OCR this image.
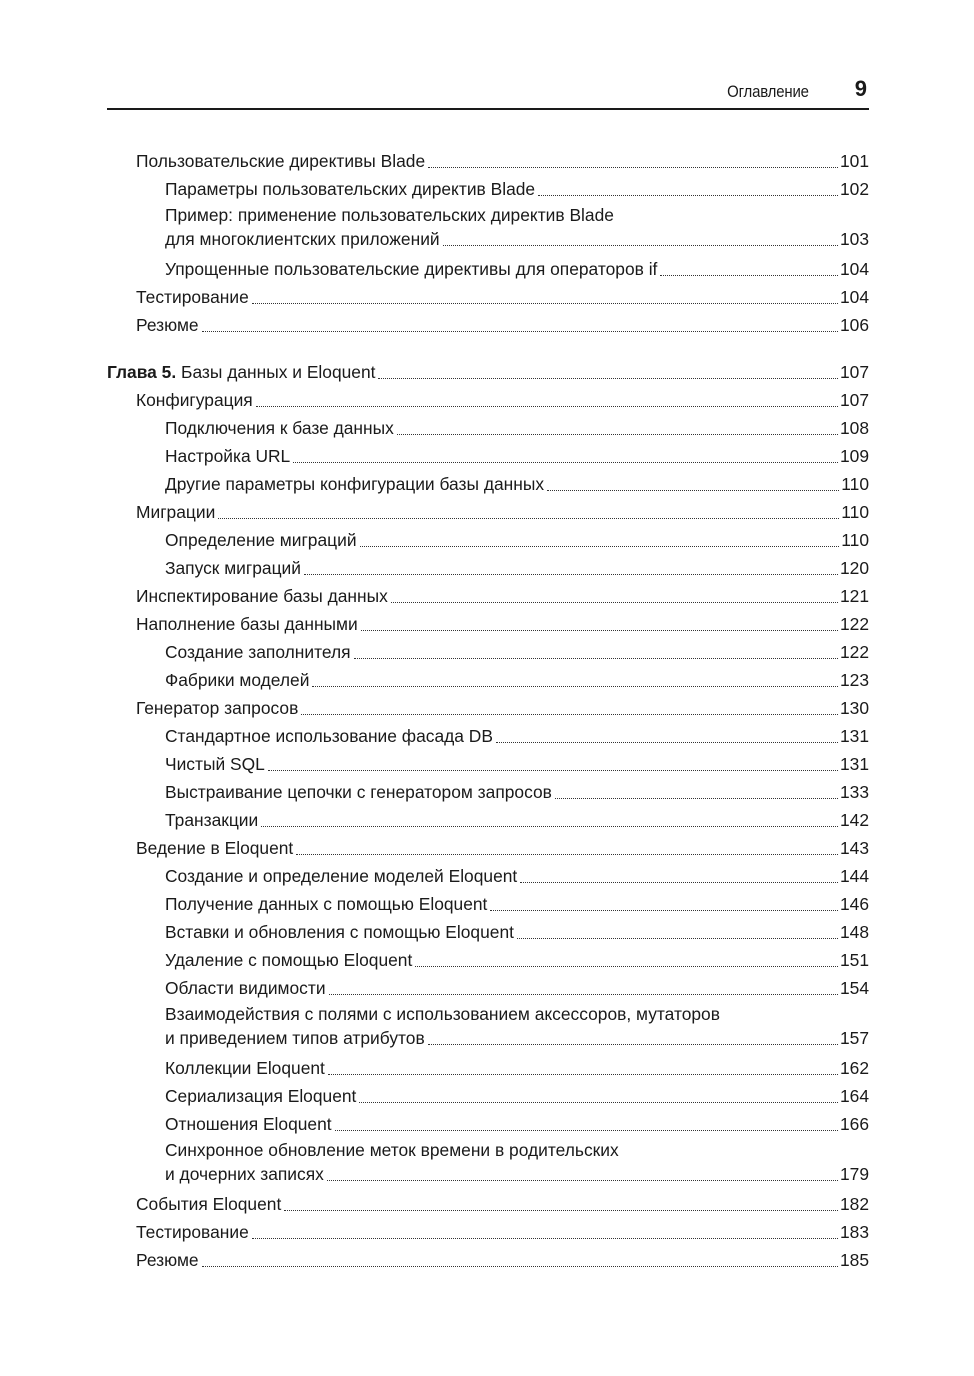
Оглавление 9
Пользовательские директивы Blade	101
Параметры пользовательских директив Blade	102
Пример: применение пользовательских директив Blade
для многоклиентских приложений	103
Упрощенные пользовательские директивы для операторов if	104
Тестирование	104
Резюме	106
Глава 5. Базы данных и Eloquent	107
Конфигурация	107
Подключения к базе данных	108
Настройка URL	109
Другие параметры конфигурации базы данных	110
Миграции	110
Определение миграций	110
Запуск миграций	120
Инспектирование базы данных	121
Наполнение базы данными	122
Создание заполнителя	122
Фабрики моделей	123
Генератор запросов	130
Стандартное использование фасада DB	131
Чистый SQL	131
Выстраивание цепочки с генератором запросов	133
Транзакции	142
Ведение в Eloquent	143
Создание и определение моделей Eloquent	144
Получение данных с помощью Eloquent	146
Вставки и обновления с помощью Eloquent	148
Удаление с помощью Eloquent	151
Области видимости	154
Взаимодействия с полями с использованием аксессоров, мутаторов
и приведением типов атрибутов	157
Коллекции Eloquent	162
Сериализация Eloquent	164
Отношения Eloquent	166
Синхронное обновление меток времени в родительских
и дочерних записях	179
События Eloquent	182
Тестирование	183
Резюме	185
